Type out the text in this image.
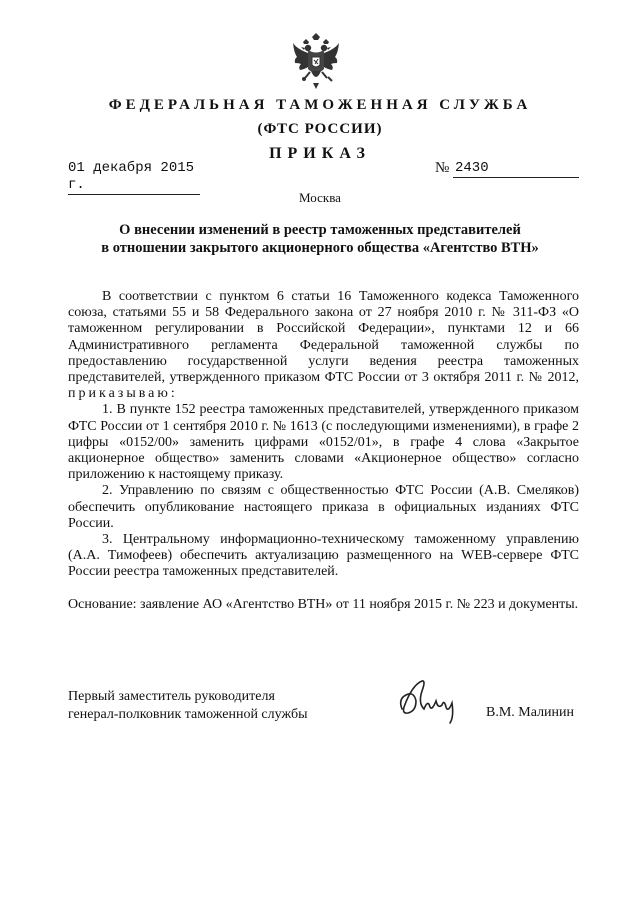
ФЕДЕРАЛЬНАЯ ТАМОЖЕННАЯ СЛУЖБА
(ФТС РОССИИ)
ПРИКАЗ
01 декабря 2015 г.
№ 2430
Москва
О внесении изменений в реестр таможенных представителей
в отношении закрытого акционерного общества «Агентство ВТН»

В соответствии с пунктом 6 статьи 16 Таможенного кодекса Таможенного союза, статьями 55 и 58 Федерального закона от 27 ноября 2010 г. № 311-ФЗ «О таможенном регулировании в Российской Федерации», пунктами 12 и 66 Административного регламента Федеральной таможенной службы по предоставлению государственной услуги ведения реестра таможенных представителей, утвержденного приказом ФТС России от 3 октября 2011 г. № 2012, приказываю:

1. В пункте 152 реестра таможенных представителей, утвержденного приказом ФТС России от 1 сентября 2010 г. № 1613 (с последующими изменениями), в графе 2 цифры «0152/00» заменить цифрами «0152/01», в графе 4 слова «Закрытое акционерное общество» заменить словами «Акционерное общество» согласно приложению к настоящему приказу.

2. Управлению по связям с общественностью ФТС России (А.В. Смеляков) обеспечить опубликование настоящего приказа в официальных изданиях ФТС России.

3. Центральному информационно-техническому таможенному управлению (А.А. Тимофеев) обеспечить актуализацию размещенного на WEB-сервере ФТС России реестра таможенных представителей.

Основание: заявление АО «Агентство ВТН» от 11 ноября 2015 г. № 223 и документы.

Первый заместитель руководителя
генерал-полковник таможенной службы	В.М. Малинин
